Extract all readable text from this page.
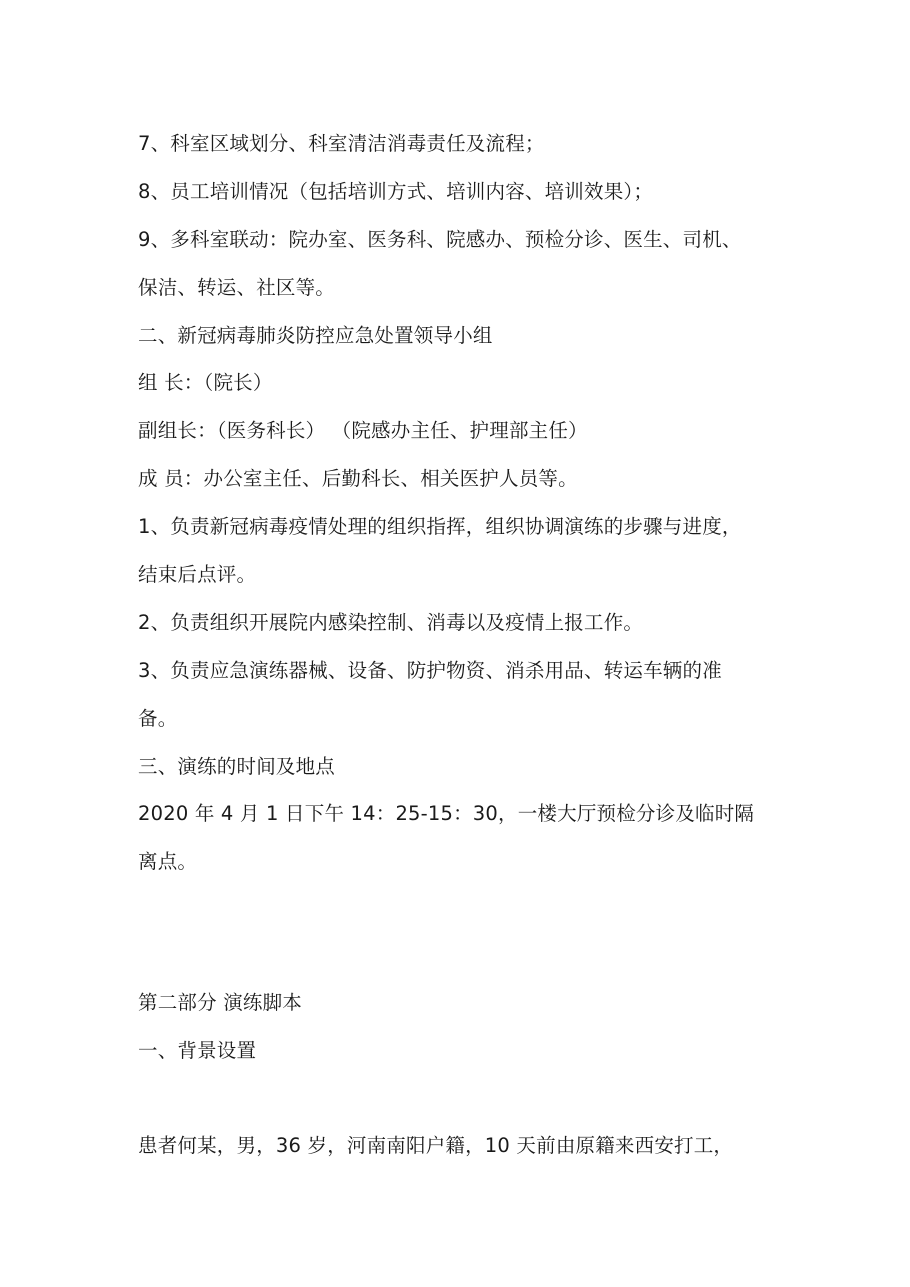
7、科室区域划分、科室清洁消毒责任及流程；
8、员工培训情况（包括培训方式、培训内容、培训效果）；
9、多科室联动：院办室、医务科、院感办、预检分诊、医生、司机、
保洁、转运、社区等。
二、新冠病毒肺炎防控应急处置领导小组
组 长：（院长）
副组长：（医务科长） （院感办主任、护理部主任）
成 员：办公室主任、后勤科长、相关医护人员等。
1、负责新冠病毒疫情处理的组织指挥，组织协调演练的步骤与进度，
结束后点评。
2、负责组织开展院内感染控制、消毒以及疫情上报工作。
3、负责应急演练器械、设备、防护物资、消杀用品、转运车辆的准
备。
三、演练的时间及地点
2020 年 4 月 1 日下午 14：25-15：30，一楼大厅预检分诊及临时隔
离点。
第二部分 演练脚本
一、背景设置
患者何某，男，36 岁，河南南阳户籍，10 天前由原籍来西安打工，
